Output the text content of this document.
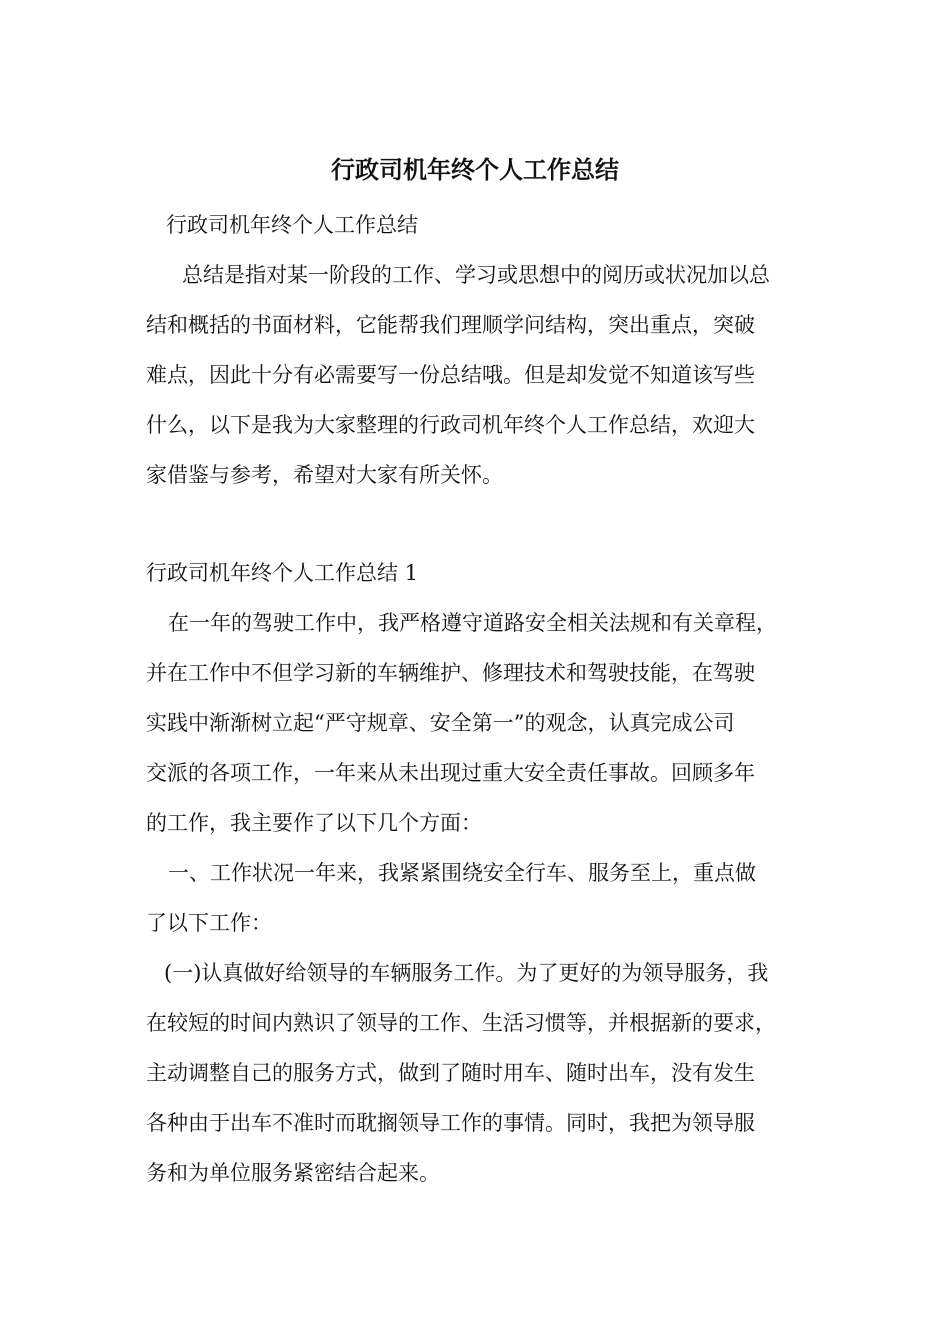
行政司机年终个人工作总结
行政司机年终个人工作总结
总结是指对某一阶段的工作、学习或思想中的阅历或状况加以总
结和概括的书面材料，它能帮我们理顺学问结构，突出重点，突破
难点，因此十分有必需要写一份总结哦。但是却发觉不知道该写些
什么，以下是我为大家整理的行政司机年终个人工作总结，欢迎大
家借鉴与参考，希望对大家有所关怀。
行政司机年终个人工作总结 1
在一年的驾驶工作中，我严格遵守道路安全相关法规和有关章程，
并在工作中不但学习新的车辆维护、修理技术和驾驶技能，在驾驶
实践中渐渐树立起“严守规章、安全第一”的观念，认真完成公司
交派的各项工作，一年来从未出现过重大安全责任事故。回顾多年
的工作，我主要作了以下几个方面：
一、工作状况一年来，我紧紧围绕安全行车、服务至上，重点做
了以下工作：
(一)认真做好给领导的车辆服务工作。为了更好的为领导服务，我
在较短的时间内熟识了领导的工作、生活习惯等，并根据新的要求，
主动调整自己的服务方式，做到了随时用车、随时出车，没有发生
各种由于出车不准时而耽搁领导工作的事情。同时，我把为领导服
务和为单位服务紧密结合起来。
